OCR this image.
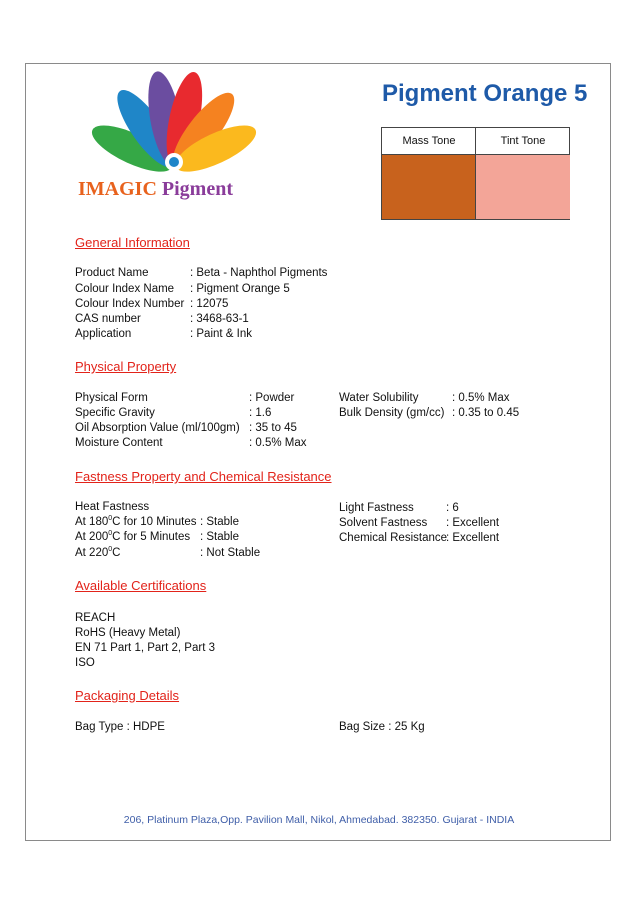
IMAGIC Pigment
Pigment Orange 5
Mass Tone	Tint Tone
General Information
Product Name	: Beta - Naphthol Pigments
Colour Index Name : Pigment Orange 5
Colour Index Number : 12075
CAS number	: 3468-63-1
Application	: Paint & Ink
Physical Property
Physical Form	: Powder
Specific Gravity	: 1.6
Oil Absorption Value (ml/100gm) : 35 to 45
Moisture Content	: 0.5% Max
Water Solubility	: 0.5% Max
Bulk Density (gm/cc) : 0.35 to 0.45
Fastness Property and Chemical Resistance
Heat Fastness
At $180^0C$ for 10 Minutes : Stable
At $200^0C$ for 5 Minutes : Stable
At $220^0C$	: Not Stable
Light Fastness	: 6
Solvent Fastness : Excellent
Chemical Resistance
: Excellent
Available Certifications
REACH
RoHS (Heavy Metal)
EN 71 Part 1, Part 2, Part 3
ISO
Packaging Details
Bag Type : HDPE	Bag Size : 25 Kg
206, Platinum Plaza,Opp. Pavilion Mall, Nikol, Ahmedabad. 382350. Gujarat - INDIA
